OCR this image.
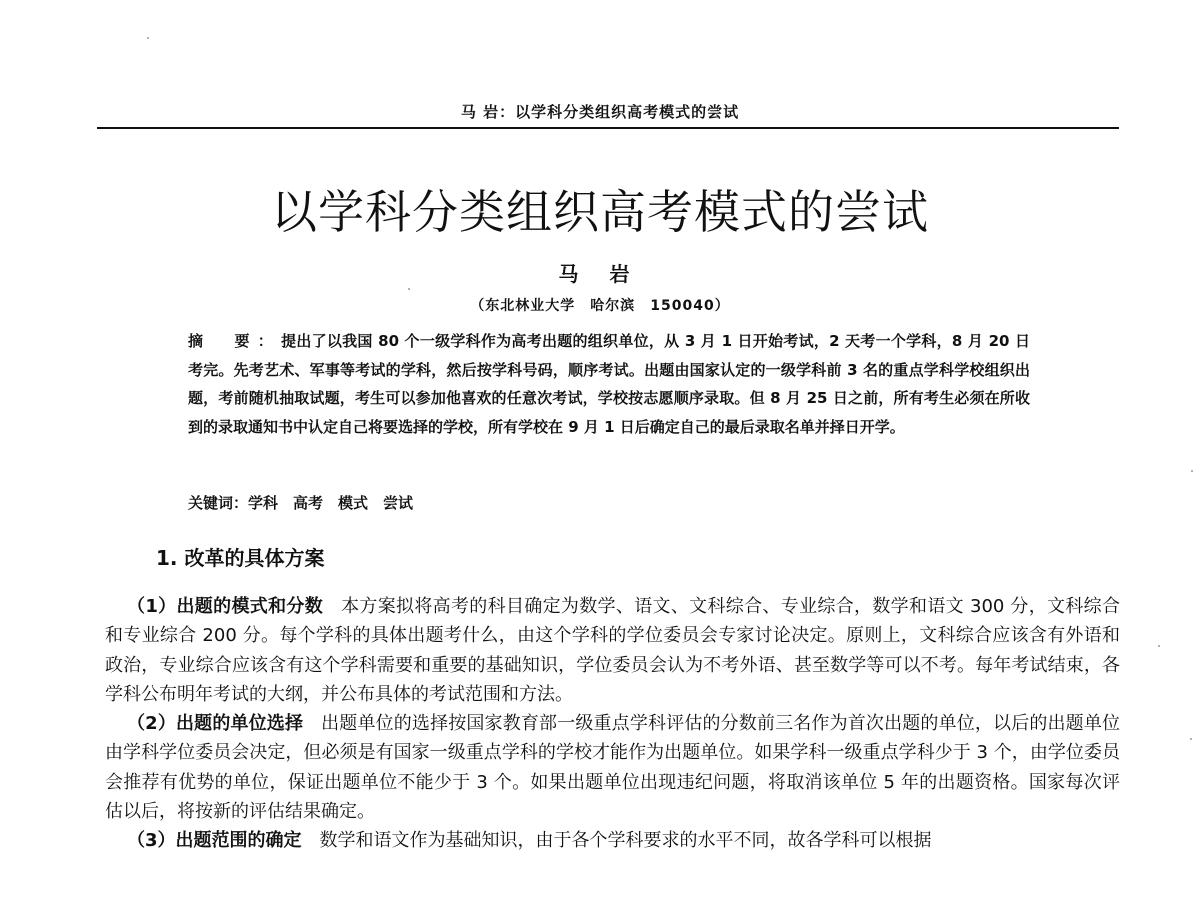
马 岩：以学科分类组织高考模式的尝试
以学科分类组织高考模式的尝试
马 岩
（东北林业大学　哈尔滨　150040）
摘　要：提出了以我国 80 个一级学科作为高考出题的组织单位，从 3 月 1 日开始考试，2 天考一个学科，8 月 20 日考完。先考艺术、军事等考试的学科，然后按学科号码，顺序考试。出题由国家认定的一级学科前 3 名的重点学科学校组织出题，考前随机抽取试题，考生可以参加他喜欢的任意次考试，学校按志愿顺序录取。但 8 月 25 日之前，所有考生必须在所收到的录取通知书中认定自己将要选择的学校，所有学校在 9 月 1 日后确定自己的最后录取名单并择日开学。
关键词：学科　高考　模式　尝试
1. 改革的具体方案

（1）出题的模式和分数 本方案拟将高考的科目确定为数学、语文、文科综合、专业综合，数学和语文 300 分，文科综合和专业综合 200 分。每个学科的具体出题考什么，由这个学科的学位委员会专家讨论决定。原则上，文科综合应该含有外语和政治，专业综合应该含有这个学科需要和重要的基础知识，学位委员会认为不考外语、甚至数学等可以不考。每年考试结束，各学科公布明年考试的大纲，并公布具体的考试范围和方法。

（2）出题的单位选择 出题单位的选择按国家教育部一级重点学科评估的分数前三名作为首次出题的单位，以后的出题单位由学科学位委员会决定，但必须是有国家一级重点学科的学校才能作为出题单位。如果学科一级重点学科少于 3 个，由学位委员会推荐有优势的单位，保证出题单位不能少于 3 个。如果出题单位出现违纪问题，将取消该单位 5 年的出题资格。国家每次评估以后，将按新的评估结果确定。

（3）出题范围的确定 数学和语文作为基础知识，由于各个学科要求的水平不同，故各学科可以根据
